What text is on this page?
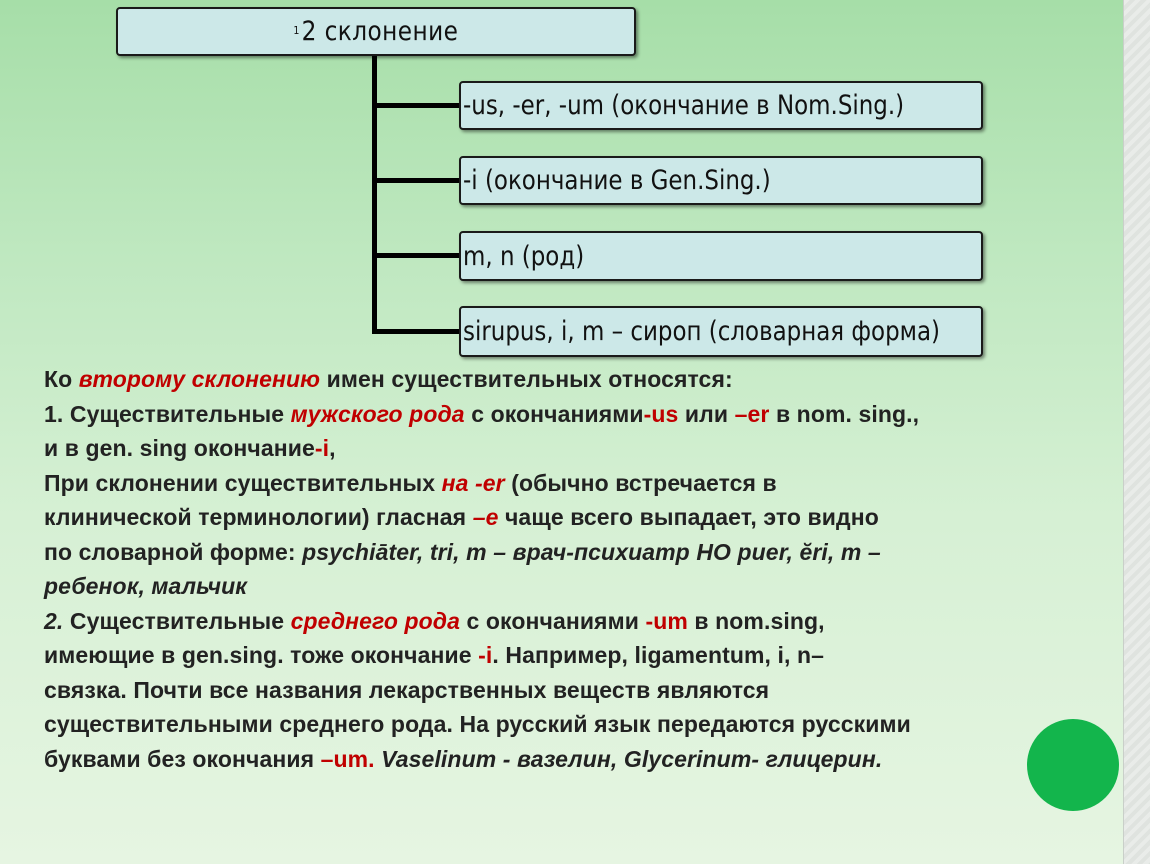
$^1$2 склонение
-us, -er, -um (окончание в Nom.Sing.)
-i (окончание в Gen.Sing.)
m, n (род)
sirupus, i, m – сироп (словарная форма)

Ко второму склонению имен существительных относятся:

1. Существительные мужского рода с окончаниями-us или –er в nom. sing.,

и в gen. sing окончание-i,

При склонении существительных на -er (обычно встречается в

клинической терминологии) гласная –e чаще всего выпадает, это видно

по словарной форме: psychiāter, tri, m – врач-психиатр НО puer, ĕri, m –

ребенок, мальчик

2. Существительные среднего рода с окончаниями -um в nom.sing,

имеющие в gen.sing. тоже окончание -i. Например, ligamentum, i, n–

связка. Почти все названия лекарственных веществ являются

существительными среднего рода. На русский язык передаются русскими

буквами без окончания –um. Vaselinum - вазелин, Glycerinum- глицерин.
